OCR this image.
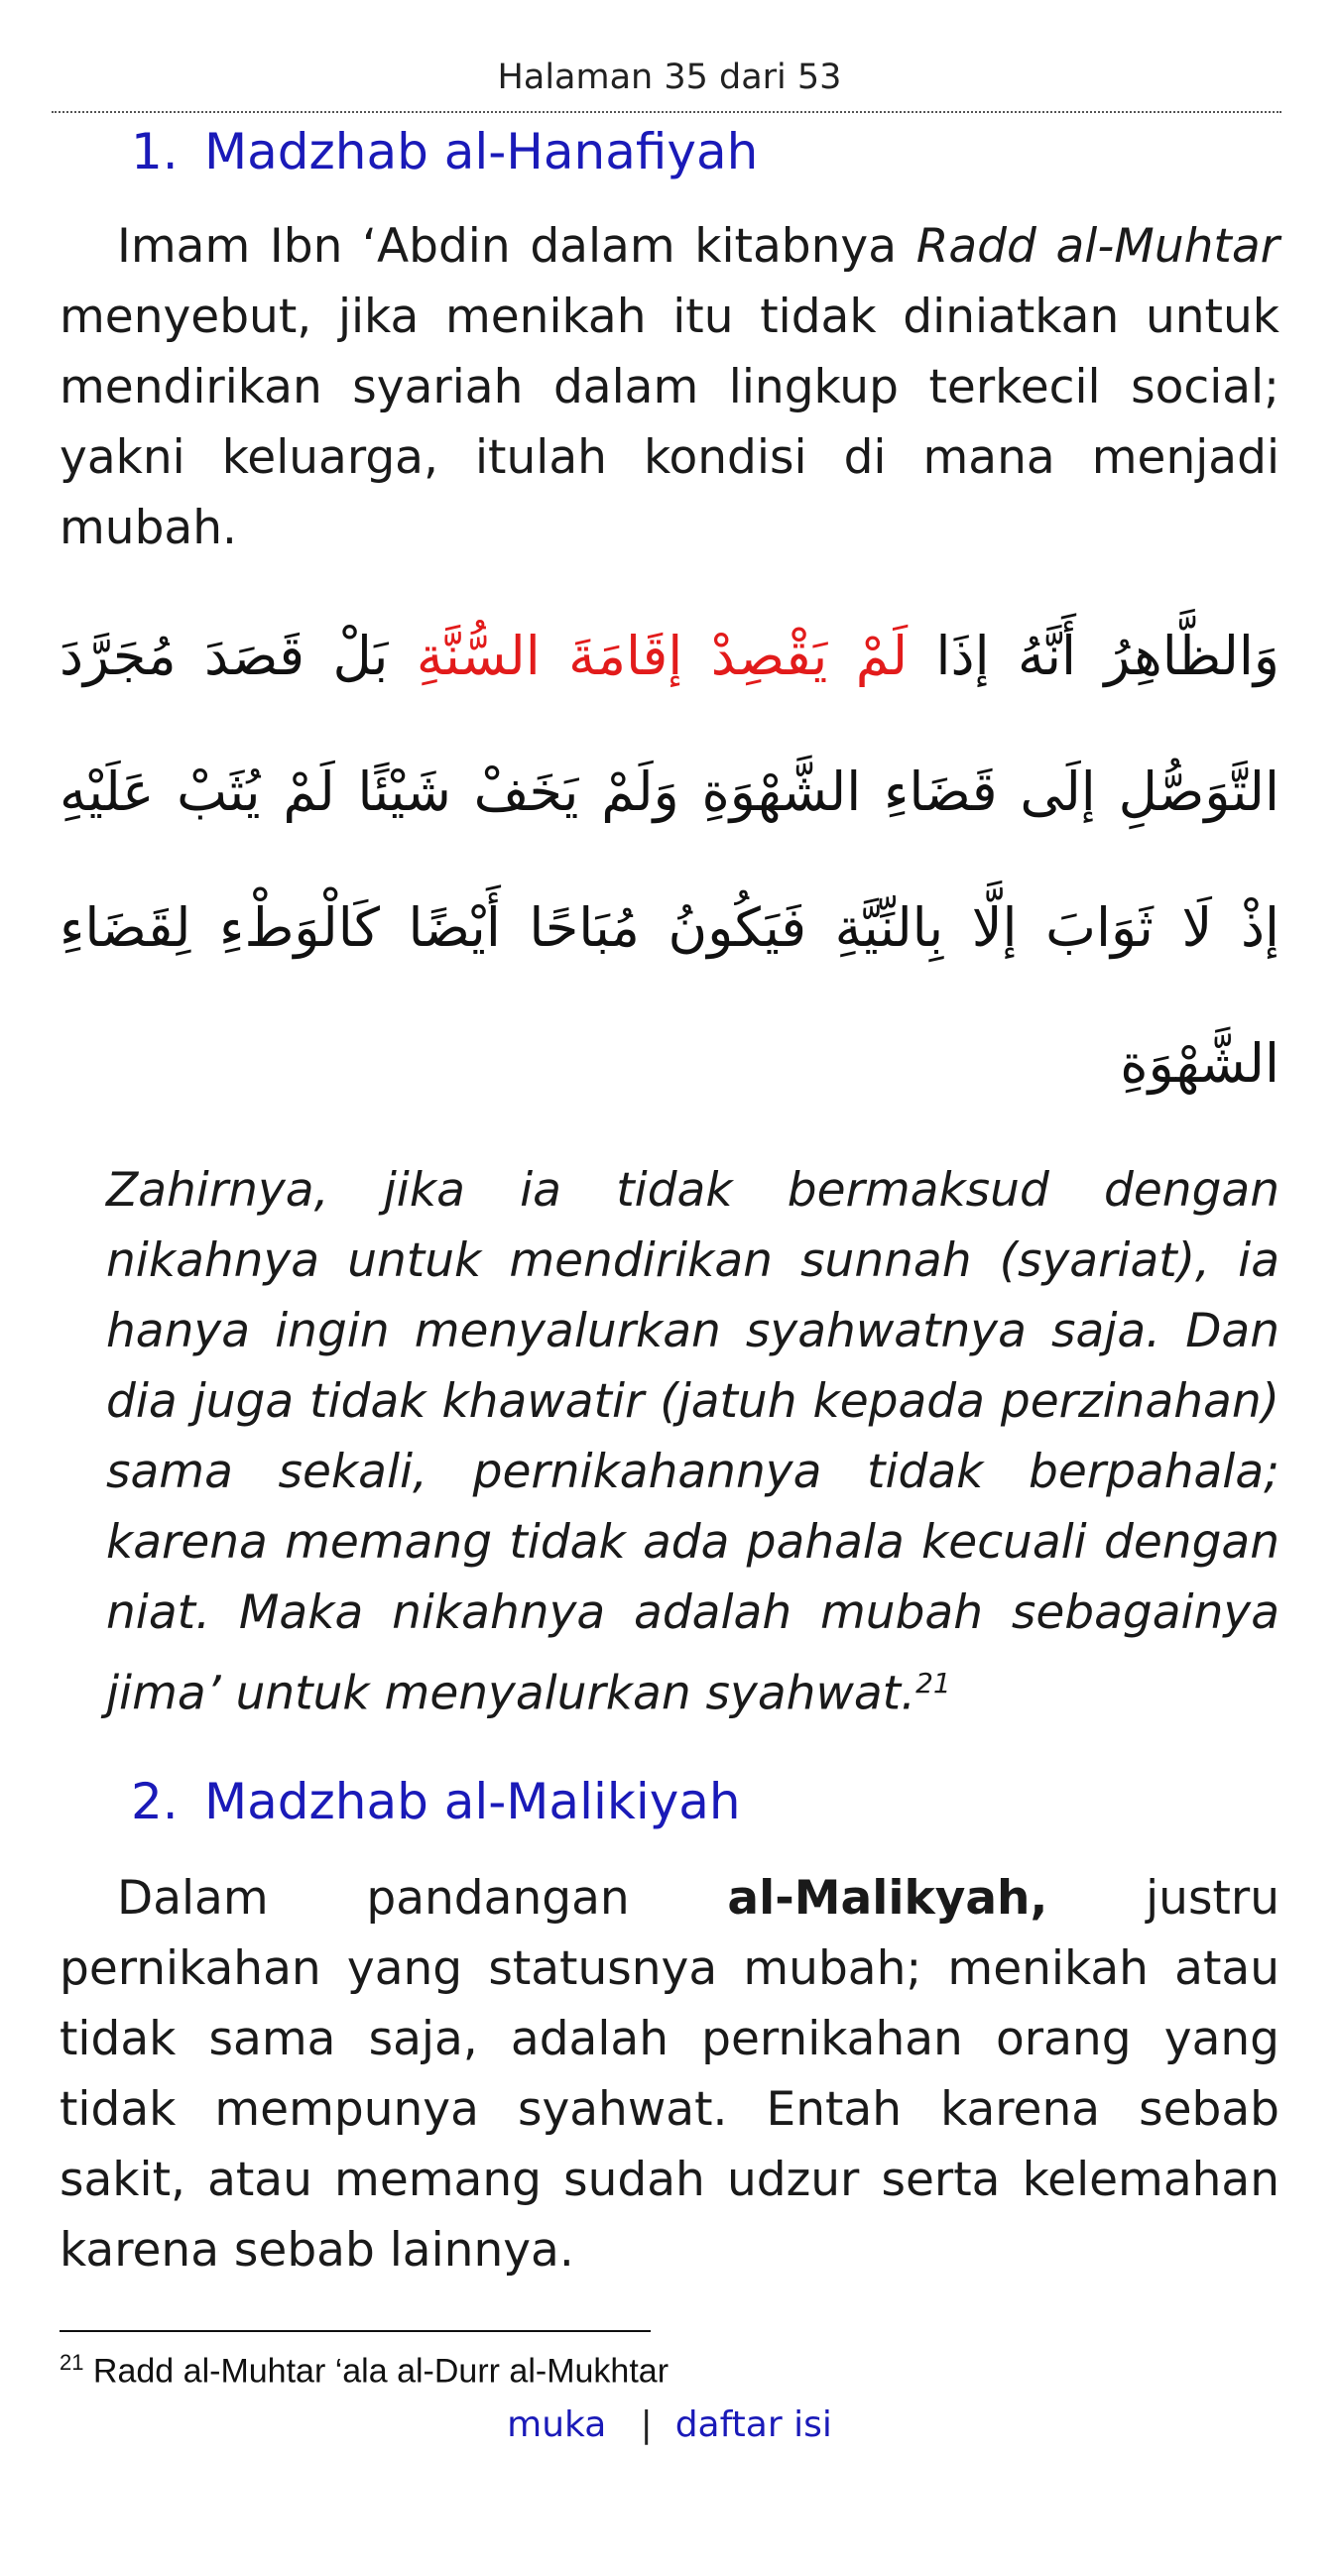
Halaman 35 dari 53
1. Madzhab al-Hanafiyah
Imam Ibn ‘Abdin dalam kitabnya Radd al-Muhtar menyebut, jika menikah itu tidak diniatkan untuk mendirikan syariah dalam lingkup terkecil social; yakni keluarga, itulah kondisi di mana menjadi mubah.
وَالظَّاهِرُ أَنَّهُ إذَا لَمْ يَقْصِدْ إقَامَةَ السُّنَّةِ بَلْ قَصَدَ مُجَرَّدَ التَّوَصُّلِ إلَى قَضَاءِ الشَّهْوَةِ وَلَمْ يَخَفْ شَيْئًا لَمْ يُثَبْ عَلَيْهِ إذْ لَا ثَوَابَ إلَّا بِالنِّيَّةِ فَيَكُونُ مُبَاحًا أَيْضًا كَالْوَطْءِ لِقَضَاءِ الشَّهْوَةِ
Zahirnya, jika ia tidak bermaksud dengan nikahnya untuk mendirikan sunnah (syariat), ia hanya ingin menyalurkan syahwatnya saja. Dan dia juga tidak khawatir (jatuh kepada perzinahan) sama sekali, pernikahannya tidak berpahala; karena memang tidak ada pahala kecuali dengan niat. Maka nikahnya adalah mubah sebagainya jima’ untuk menyalurkan syahwat.$^{21}$
2. Madzhab al-Malikiyah
Dalam pandangan al-Malikyah, justru pernikahan yang statusnya mubah; menikah atau tidak sama saja, adalah pernikahan orang yang tidak mempunya syahwat. Entah karena sebab sakit, atau memang sudah udzur serta kelemahan karena sebab lainnya.
$^{21}$ Radd al-Muhtar ‘ala al-Durr al-Mukhtar
muka | daftar isi
